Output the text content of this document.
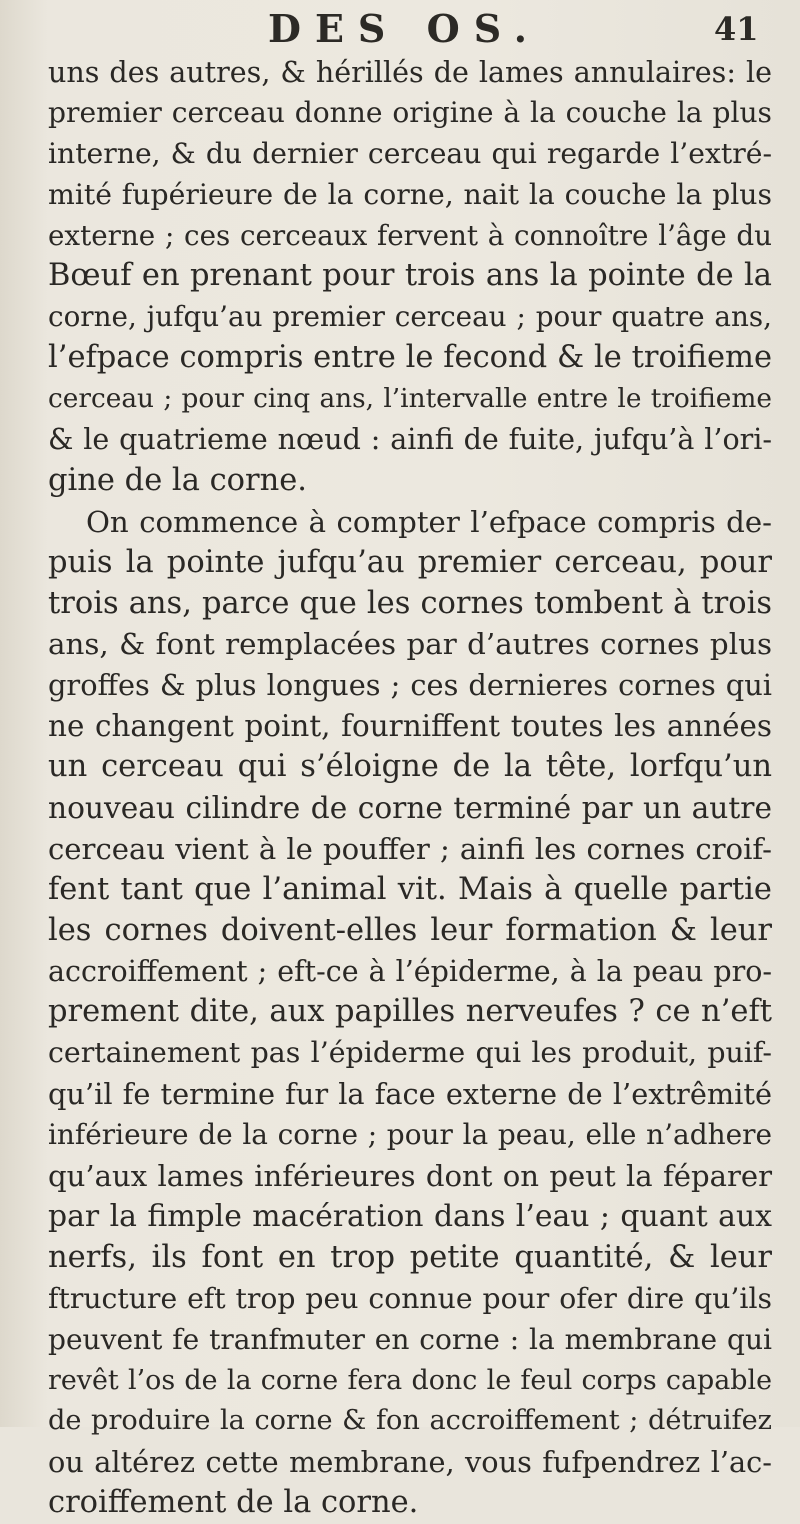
DES OS.	41
uns des autres, & hérillés de lames annulaires: le
premier cerceau donne origine à la couche la plus
interne, & du dernier cerceau qui regarde l’extré-
mité fupérieure de la corne, nait la couche la plus
externe ; ces cerceaux fervent à connoître l’âge du
Bœuf en prenant pour trois ans la pointe de la
corne, jufqu’au premier cerceau ; pour quatre ans,
l’efpace compris entre le fecond & le troifieme
cerceau ; pour cinq ans, l’intervalle entre le troifieme
& le quatrieme nœud : ainfi de fuite, jufqu’à l’ori-
gine de la corne.
On commence à compter l’efpace compris de-
puis la pointe jufqu’au premier cerceau, pour
trois ans, parce que les cornes tombent à trois
ans, & font remplacées par d’autres cornes plus
groffes & plus longues ; ces dernieres cornes qui
ne changent point, fourniffent toutes les années
un cerceau qui s’éloigne de la tête, lorfqu’un
nouveau cilindre de corne terminé par un autre
cerceau vient à le pouffer ; ainfi les cornes croif-
fent tant que l’animal vit. Mais à quelle partie
les cornes doivent-elles leur formation & leur
accroiffement ; eft-ce à l’épiderme, à la peau pro-
prement dite, aux papilles nerveufes ? ce n’eft
certainement pas l’épiderme qui les produit, puif-
qu’il fe termine fur la face externe de l’extrêmité
inférieure de la corne ; pour la peau, elle n’adhere
qu’aux lames inférieures dont on peut la féparer
par la fimple macération dans l’eau ; quant aux
nerfs, ils font en trop petite quantité, & leur
ftructure eft trop peu connue pour ofer dire qu’ils
peuvent fe tranfmuter en corne : la membrane qui
revêt l’os de la corne fera donc le feul corps capable
de produire la corne & fon accroiffement ; détruifez
ou altérez cette membrane, vous fufpendrez l’ac-
croiffement de la corne.
